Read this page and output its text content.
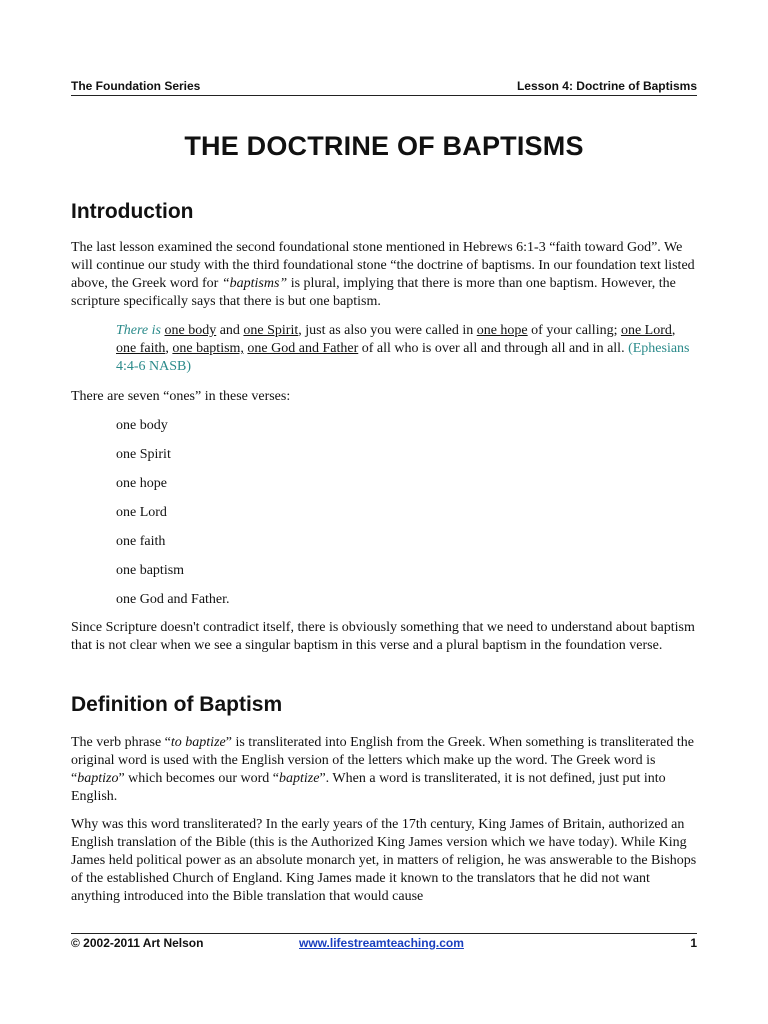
The Foundation Series	Lesson 4: Doctrine of Baptisms
THE DOCTRINE OF BAPTISMS
Introduction

The last lesson examined the second foundational stone mentioned in Hebrews 6:1-3 “faith toward God”. We will continue our study with the third foundational stone “the doctrine of baptisms. In our foundation text listed above, the Greek word for “baptisms” is plural, implying that there is more than one baptism. However, the scripture specifically says that there is but one baptism.

There is one body and one Spirit, just as also you were called in one hope of your calling; one Lord, one faith, one baptism, one God and Father of all who is over all and through all and in all. (Ephesians 4:4-6 NASB)
There are seven “ones” in these verses:
one body
one Spirit
one hope
one Lord
one faith
one baptism
one God and Father.
Since Scripture doesn't contradict itself, there is obviously something that we need to understand about baptism that is not clear when we see a singular baptism in this verse and a plural baptism in the foundation verse.
Definition of Baptism

The verb phrase “to baptize” is transliterated into English from the Greek. When something is transliterated the original word is used with the English version of the letters which make up the word. The Greek word is “baptizo” which becomes our word “baptize”. When a word is transliterated, it is not defined, just put into English.

Why was this word transliterated? In the early years of the 17th century, King James of Britain, authorized an English translation of the Bible (this is the Authorized King James version which we have today). While King James held political power as an absolute monarch yet, in matters of religion, he was answerable to the Bishops of the established Church of England. King James made it known to the translators that he did not want anything introduced into the Bible translation that would cause
© 2002-2011 Art Nelson	www.lifestreamteaching.com	1
